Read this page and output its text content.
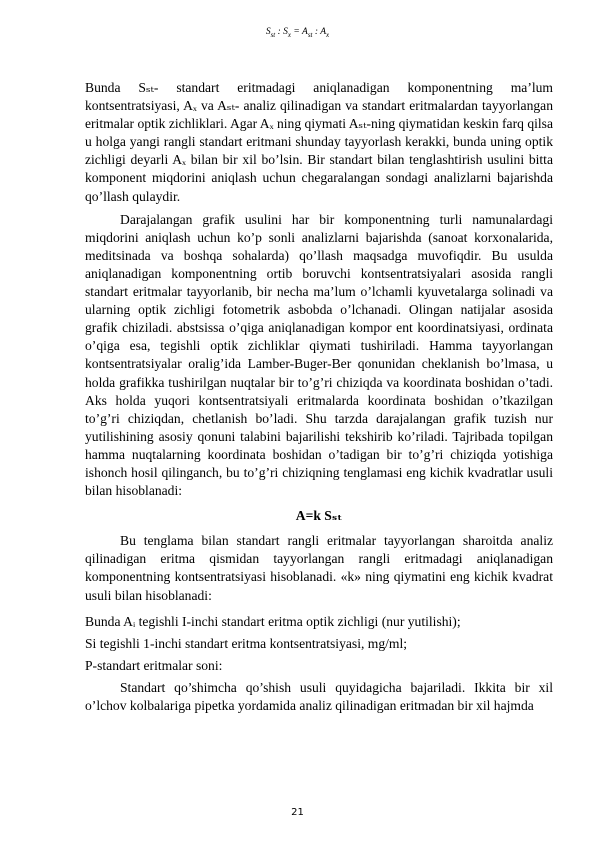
$S_{st}$ : $S_x = A_{st}$ : $A_x$

Bunda Sₛₜ- standart eritmadagi aniqlanadigan komponentning ma’lum kontsentratsiyasi, Aₓ va Aₛₜ- analiz qilinadigan va standart eritmalardan tayyorlangan eritmalar optik zichliklari. Agar Aₓ ning qiymati Aₛₜ-ning qiymatidan keskin farq qilsa u holga yangi rangli standart eritmani shunday tayyorlash kerakki, bunda uning optik zichligi deyarli Aₓ bilan bir xil bo’lsin. Bir standart bilan tenglashtirish usulini bitta komponent miqdorini aniqlash uchun chegaralangan sondagi analizlarni bajarishda qo’llash qulaydir.

Darajalangan grafik usulini har bir komponentning turli namunalardagi miqdorini aniqlash uchun ko’p sonli analizlarni bajarishda (sanoat korxonalarida, meditsinada va boshqa sohalarda) qo’llash maqsadga muvofiqdir. Bu usulda aniqlanadigan komponentning ortib boruvchi kontsentratsiyalari asosida rangli standart eritmalar tayyorlanib, bir necha ma’lum o’lchamli kyuvetalarga solinadi va ularning optik zichligi fotometrik asbobda o’lchanadi. Olingan natijalar asosida grafik chiziladi. abstsissa o’qiga aniqlanadigan kompor ent koordinatsiyasi, ordinata o’qiga esa, tegishli optik zichliklar qiymati tushiriladi. Hamma tayyorlangan kontsentratsiyalar oralig’ida Lamber-Buger-Ber qonunidan cheklanish bo’lmasa, u holda grafikka tushirilgan nuqtalar bir to’g’ri chiziqda va koordinata boshidan o’tadi. Aks holda yuqori kontsentratsiyali eritmalarda koordinata boshidan o’tkazilgan to’g’ri chiziqdan, chetlanish bo’ladi. Shu tarzda darajalangan grafik tuzish nur yutilishining asosiy qonuni talabini bajarilishi tekshirib ko’riladi. Tajribada topilgan hamma nuqtalarning koordinata boshidan o’tadigan bir to’g’ri chiziqda yotishiga ishonch hosil qilinganch, bu to’g’ri chiziqning tenglamasi eng kichik kvadratlar usuli bilan hisoblanadi:

A=k Sₛₜ

Bu tenglama bilan standart rangli eritmalar tayyorlangan sharoitda analiz qilinadigan eritma qismidan tayyorlangan rangli eritmadagi aniqlanadigan komponentning kontsentratsiyasi hisoblanadi. «k» ning qiymatini eng kichik kvadrat usuli bilan hisoblanadi:

Bunda Aᵢ tegishli I-inchi standart eritma optik zichligi (nur yutilishi);

Si tegishli 1-inchi standart eritma kontsentratsiyasi, mg/ml;

P-standart eritmalar soni:

Standart qo’shimcha qo’shish usuli quyidagicha bajariladi. Ikkita bir xil o’lchov kolbalariga pipetka yordamida analiz qilinadigan eritmadan bir xil hajmda

21
